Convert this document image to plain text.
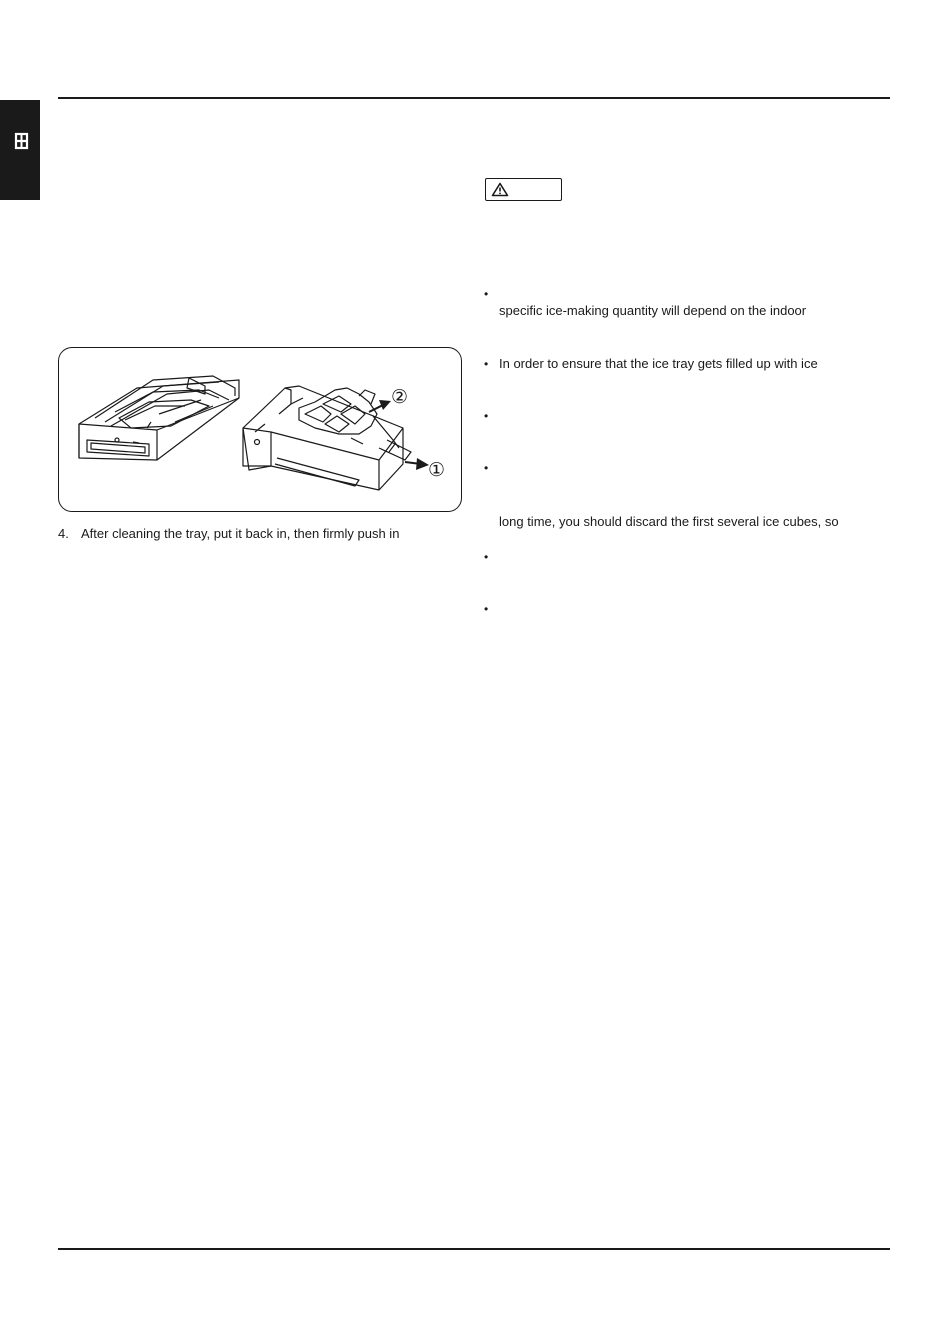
②
①
4. After cleaning the tray, put it back in, then firmly push in
•
specific ice-making quantity will depend on the indoor
• In order to ensure that the ice tray gets filled up with ice
•
•
long time, you should discard the first several ice cubes, so
•
•
